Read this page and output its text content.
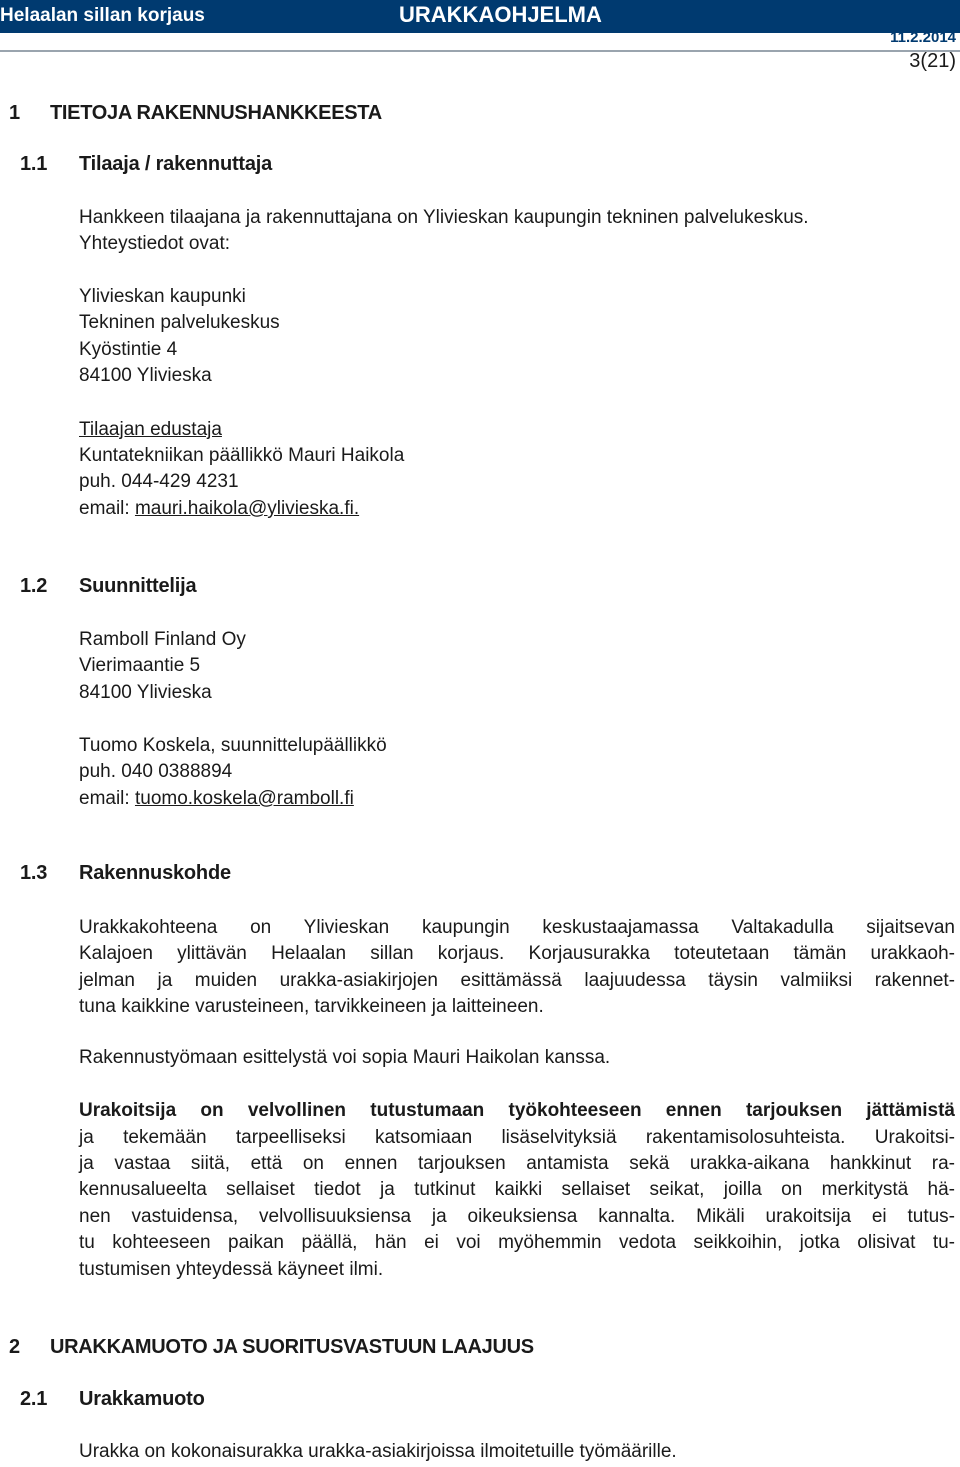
Helaalan sillan korjaus	URAKKAOHJELMA
11.2.2014
3(21)
1 TIETOJA RAKENNUSHANKKEESTA
1.1 Tilaaja / rakennuttaja
Hankkeen tilaajana ja rakennuttajana on Ylivieskan kaupungin tekninen palvelukeskus.
Yhteystiedot ovat:
Ylivieskan kaupunki
Tekninen palvelukeskus
Kyöstintie 4
84100 Ylivieska
Tilaajan edustaja
Kuntatekniikan päällikkö Mauri Haikola
puh. 044-429 4231
email: mauri.haikola@ylivieska.fi.
1.2 Suunnittelija
Ramboll Finland Oy
Vierimaantie 5
84100 Ylivieska
Tuomo Koskela, suunnittelupäällikkö
puh. 040 0388894
email: tuomo.koskela@ramboll.fi
1.3 Rakennuskohde
Urakkakohteena on Ylivieskan kaupungin keskustaajamassa Valtakadulla sijaitsevan
Kalajoen ylittävän Helaalan sillan korjaus. Korjausurakka toteutetaan tämän urakkaoh-
jelman ja muiden urakka-asiakirjojen esittämässä laajuudessa täysin valmiiksi rakennet-
tuna kaikkine varusteineen, tarvikkeineen ja laitteineen.
Rakennustyömaan esittelystä voi sopia Mauri Haikolan kanssa.
Urakoitsija on velvollinen tutustumaan työkohteeseen ennen tarjouksen jättämistä
ja tekemään tarpeelliseksi katsomiaan lisäselvityksiä rakentamisolosuhteista. Urakoitsi-
ja vastaa siitä, että on ennen tarjouksen antamista sekä urakka-aikana hankkinut ra-
kennusalueelta sellaiset tiedot ja tutkinut kaikki sellaiset seikat, joilla on merkitystä hä-
nen vastuidensa, velvollisuuksiensa ja oikeuksiensa kannalta. Mikäli urakoitsija ei tutus-
tu kohteeseen paikan päällä, hän ei voi myöhemmin vedota seikkoihin, jotka olisivat tu-
tustumisen yhteydessä käyneet ilmi.
2 URAKKAMUOTO JA SUORITUSVASTUUN LAAJUUS
2.1 Urakkamuoto
Urakka on kokonaisurakka urakka-asiakirjoissa ilmoitetuille työmäärille.
